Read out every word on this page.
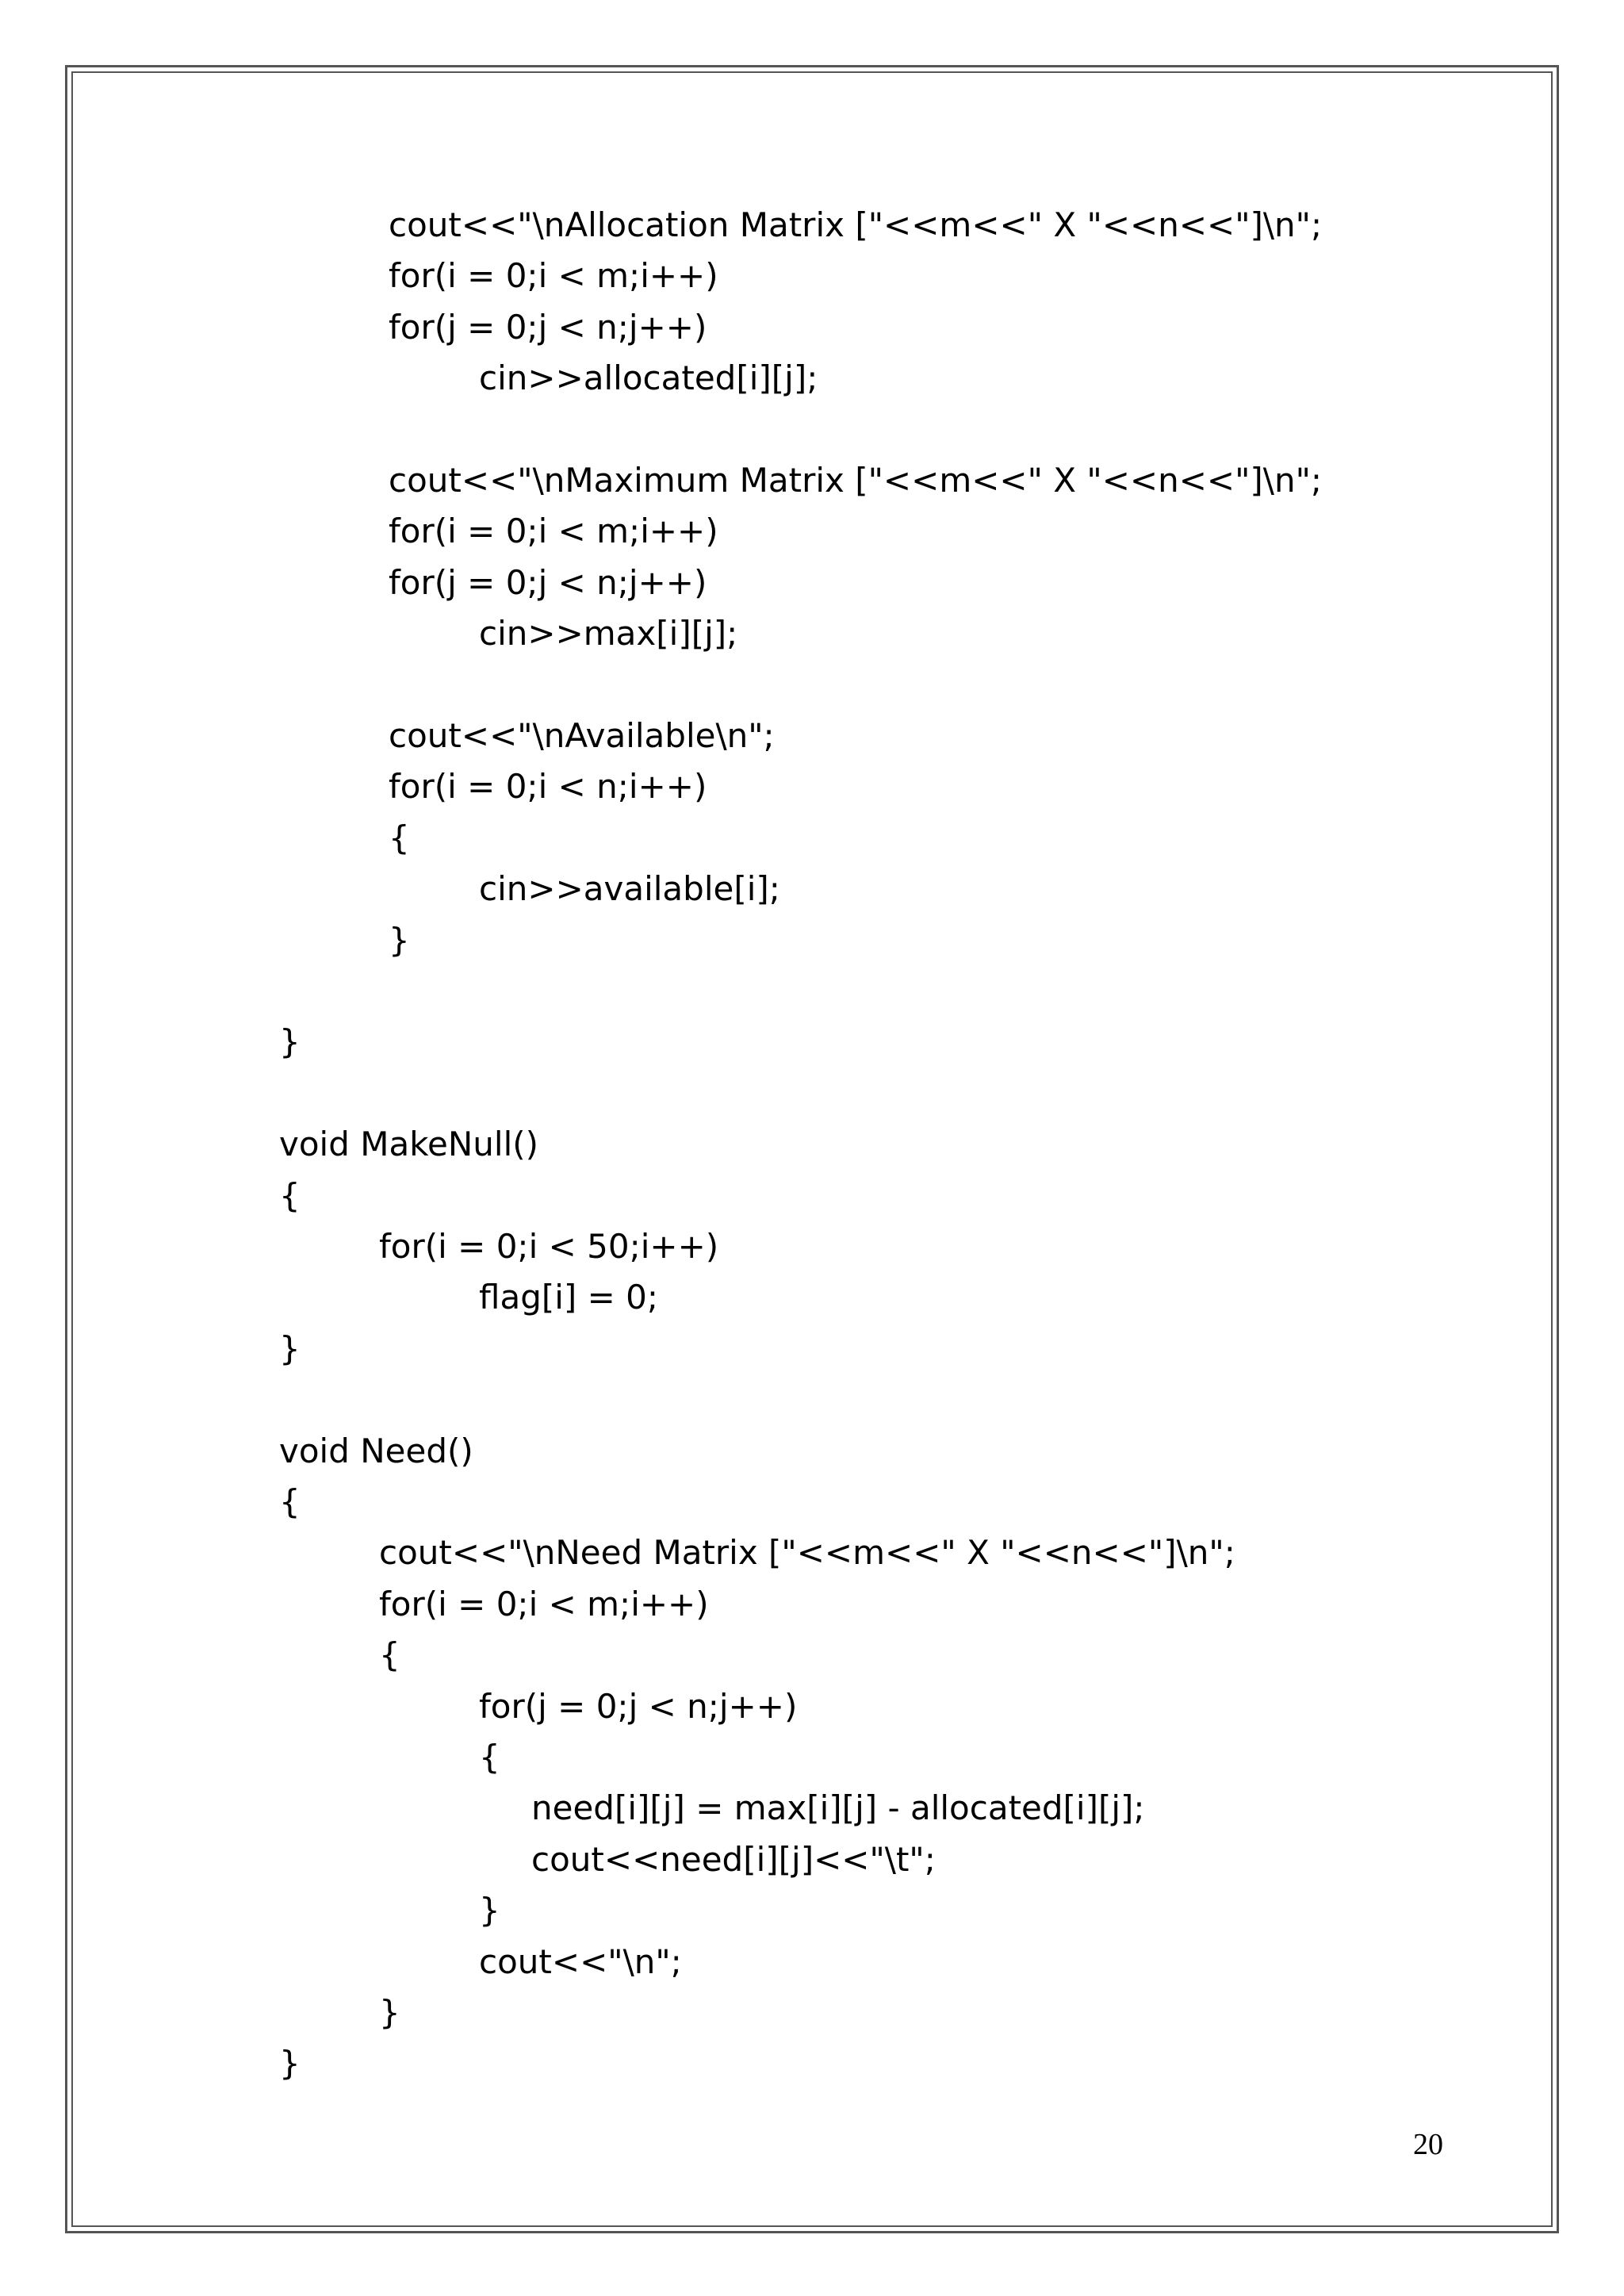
cout<<"\nAllocation Matrix ["<<m<<" X "<<n<<"]\n";
for(i = 0;i < m;i++)
for(j = 0;j < n;j++)
cin>>allocated[i][j];
cout<<"\nMaximum Matrix ["<<m<<" X "<<n<<"]\n";
for(i = 0;i < m;i++)
for(j = 0;j < n;j++)
cin>>max[i][j];
cout<<"\nAvailable\n";
for(i = 0;i < n;i++)
{
cin>>available[i];
}
}
void MakeNull()
{
for(i = 0;i < 50;i++)
flag[i] = 0;
}
void Need()
{
cout<<"\nNeed Matrix ["<<m<<" X "<<n<<"]\n";
for(i = 0;i < m;i++)
{
for(j = 0;j < n;j++)
{
need[i][j] = max[i][j] - allocated[i][j];
cout<<need[i][j]<<"\t";
}
cout<<"\n";
}
}
20
